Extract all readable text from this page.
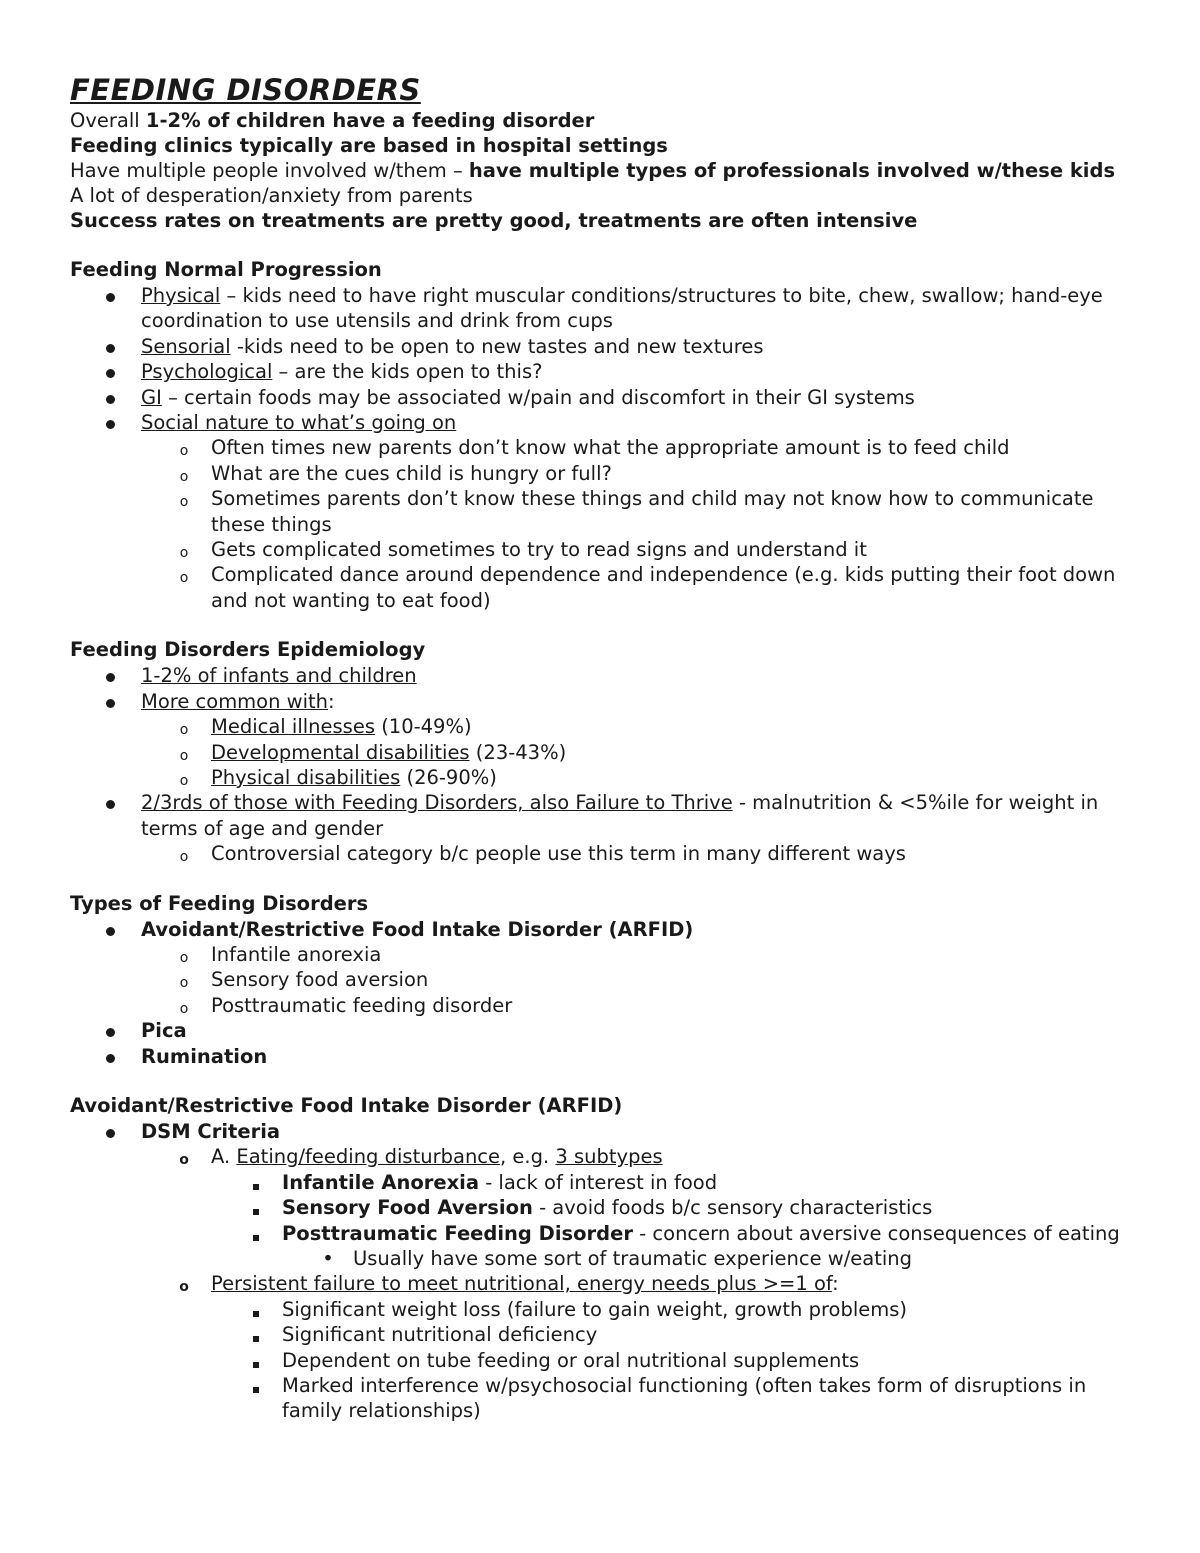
FEEDING DISORDERS

Overall 1-2% of children have a feeding disorder

Feeding clinics typically are based in hospital settings

Have multiple people involved w/them – have multiple types of professionals involved w/these kids

A lot of desperation/anxiety from parents

Success rates on treatments are pretty good, treatments are often intensive

Feeding Normal Progression

Physical – kids need to have right muscular conditions/structures to bite, chew, swallow; hand-eye coordination to use utensils and drink from cups
Sensorial -kids need to be open to new tastes and new textures
Psychological – are the kids open to this?
GI – certain foods may be associated w/pain and discomfort in their GI systems
Social nature to what’s going on
o Often times new parents don’t know what the appropriate amount is to feed child
o What are the cues child is hungry or full?
o Sometimes parents don’t know these things and child may not know how to communicate these things
o Gets complicated sometimes to try to read signs and understand it
o Complicated dance around dependence and independence (e.g. kids putting their foot down and not wanting to eat food)

Feeding Disorders Epidemiology

1-2% of infants and children
More common with:
o Medical illnesses (10-49%)
o Developmental disabilities (23-43%)
o Physical disabilities (26-90%)
2/3rds of those with Feeding Disorders, also Failure to Thrive - malnutrition & <5%ile for weight in terms of age and gender
o Controversial category b/c people use this term in many different ways

Types of Feeding Disorders

Avoidant/Restrictive Food Intake Disorder (ARFID)
o Infantile anorexia
o Sensory food aversion
o Posttraumatic feeding disorder
Pica
Rumination

Avoidant/Restrictive Food Intake Disorder (ARFID)

DSM Criteria
o A. Eating/feeding disturbance, e.g. 3 subtypes
Infantile Anorexia - lack of interest in food
Sensory Food Aversion - avoid foods b/c sensory characteristics
Posttraumatic Feeding Disorder - concern about aversive consequences of eating
• Usually have some sort of traumatic experience w/eating
o Persistent failure to meet nutritional, energy needs plus >=1 of:
Significant weight loss (failure to gain weight, growth problems)
Significant nutritional deficiency
Dependent on tube feeding or oral nutritional supplements
Marked interference w/psychosocial functioning (often takes form of disruptions in family relationships)
